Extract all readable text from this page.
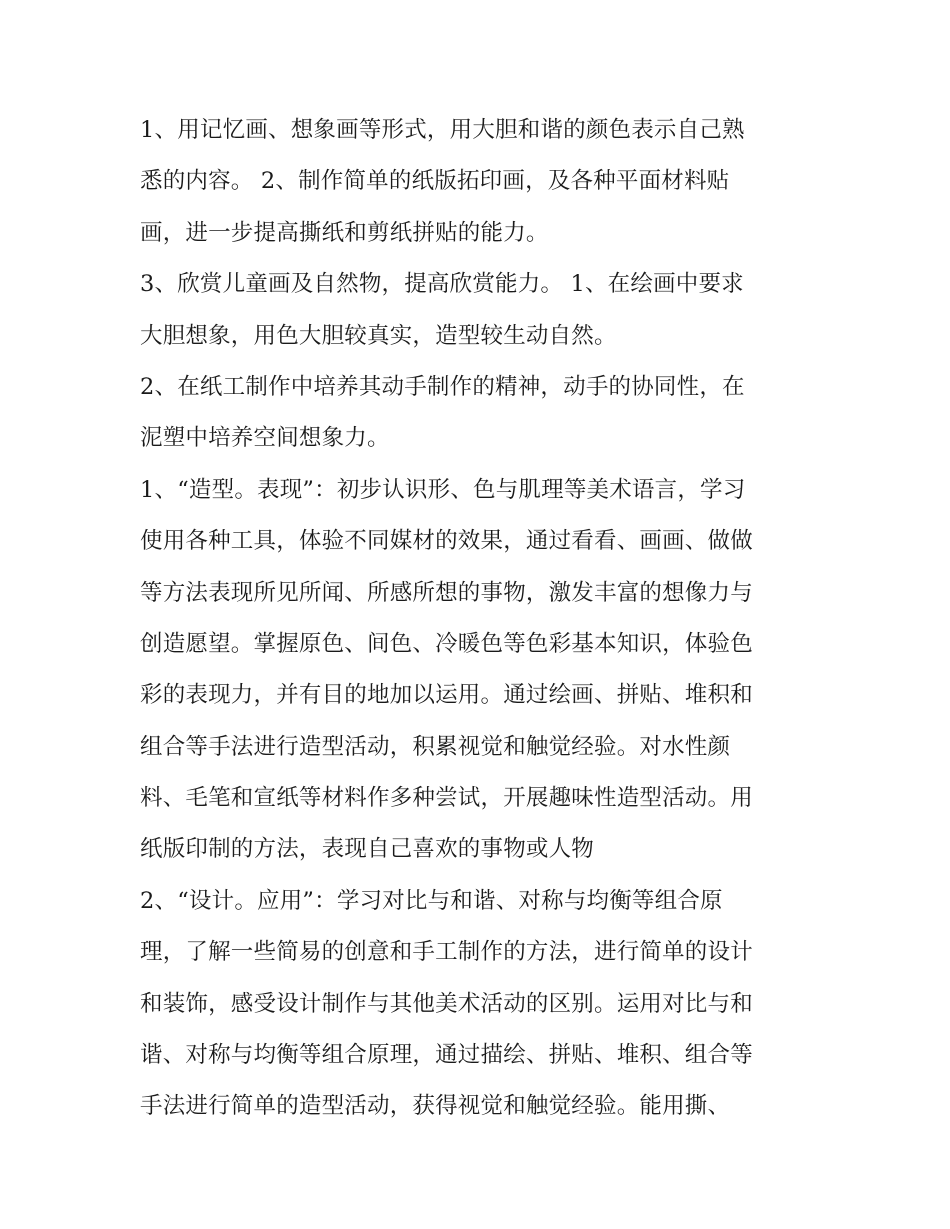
1、用记忆画、想象画等形式，用大胆和谐的颜色表示自己熟
悉的内容。 2、制作简单的纸版拓印画，及各种平面材料贴
画，进一步提高撕纸和剪纸拼贴的能力。
3、欣赏儿童画及自然物，提高欣赏能力。 1、在绘画中要求
大胆想象，用色大胆较真实，造型较生动自然。
2、在纸工制作中培养其动手制作的精神，动手的协同性，在
泥塑中培养空间想象力。
1、“造型。表现”：初步认识形、色与肌理等美术语言，学习
使用各种工具，体验不同媒材的效果，通过看看、画画、做做
等方法表现所见所闻、所感所想的事物，激发丰富的想像力与
创造愿望。掌握原色、间色、冷暖色等色彩基本知识，体验色
彩的表现力，并有目的地加以运用。通过绘画、拼贴、堆积和
组合等手法进行造型活动，积累视觉和触觉经验。对水性颜
料、毛笔和宣纸等材料作多种尝试，开展趣味性造型活动。用
纸版印制的方法，表现自己喜欢的事物或人物
2、“设计。应用”：学习对比与和谐、对称与均衡等组合原
理，了解一些简易的创意和手工制作的方法，进行简单的设计
和装饰，感受设计制作与其他美术活动的区别。运用对比与和
谐、对称与均衡等组合原理，通过描绘、拼贴、堆积、组合等
手法进行简单的造型活动，获得视觉和触觉经验。能用撕、
